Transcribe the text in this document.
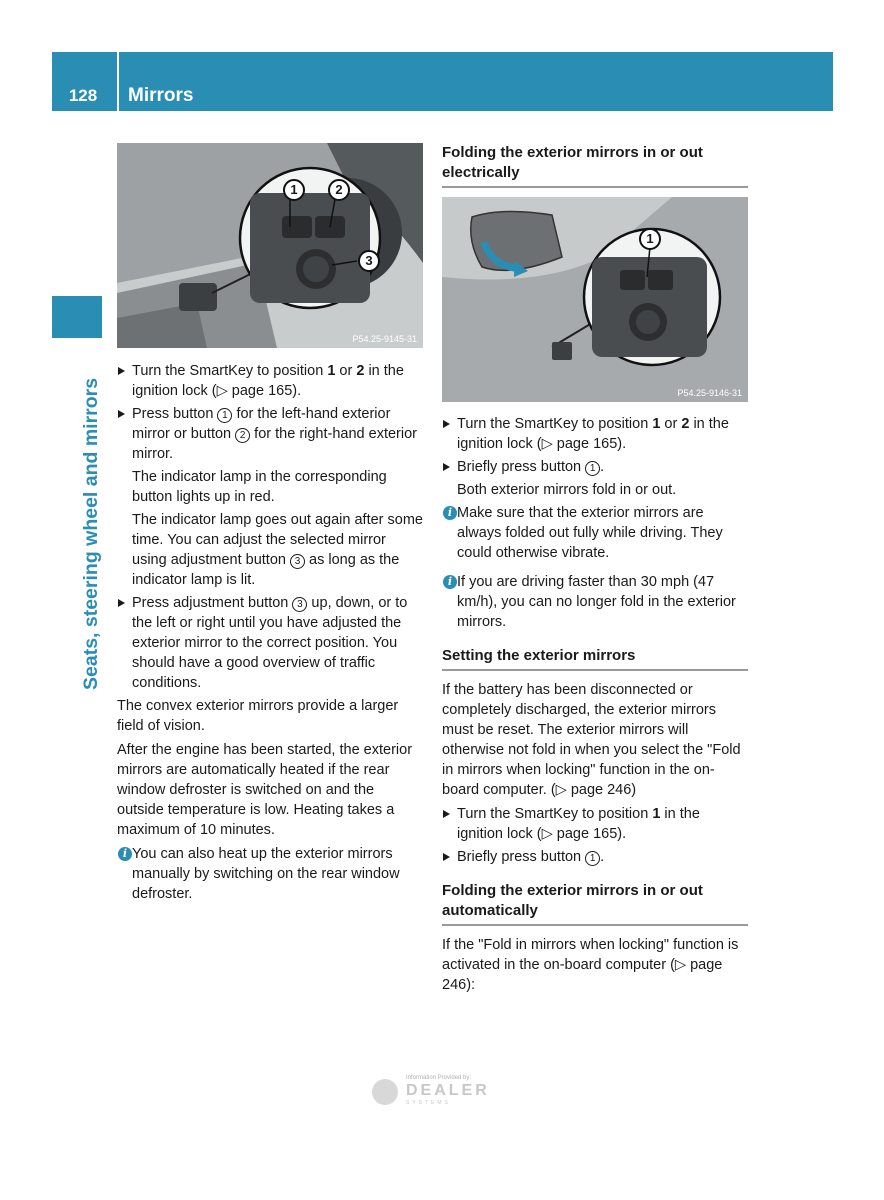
128	Mirrors
Seats, steering wheel and mirrors
1	2
3
P54.25-9145-31
Turn the SmartKey to position 1 or 2 in the ignition lock (▷ page 165).
Press button 1 for the left-hand exterior mirror or button 2 for the right-hand exterior mirror.
The indicator lamp in the corresponding button lights up in red.
The indicator lamp goes out again after some time. You can adjust the selected mirror using adjustment button 3 as long as the indicator lamp is lit.
Press adjustment button 3 up, down, or to the left or right until you have adjusted the exterior mirror to the correct position. You should have a good overview of traffic conditions.
The convex exterior mirrors provide a larger field of vision.
After the engine has been started, the exterior mirrors are automatically heated if the rear window defroster is switched on and the outside temperature is low. Heating takes a maximum of 10 minutes.
i You can also heat up the exterior mirrors manually by switching on the rear window defroster.
Folding the exterior mirrors in or out electrically
1
P54.25-9146-31
Turn the SmartKey to position 1 or 2 in the ignition lock (▷ page 165).
Briefly press button 1 .
Both exterior mirrors fold in or out.
i Make sure that the exterior mirrors are always folded out fully while driving. They could otherwise vibrate.
i If you are driving faster than 30 mph (47 km/h), you can no longer fold in the exterior mirrors.
Setting the exterior mirrors
If the battery has been disconnected or completely discharged, the exterior mirrors must be reset. The exterior mirrors will otherwise not fold in when you select the "Fold in mirrors when locking" function in the on-board computer. (▷ page 246)
Turn the SmartKey to position 1 in the ignition lock (▷ page 165).
Briefly press button 1 .
Folding the exterior mirrors in or out automatically
If the "Fold in mirrors when locking" function is activated in the on-board computer (▷ page 246):
Information Provided by:
DEALER
SYSTEMS
